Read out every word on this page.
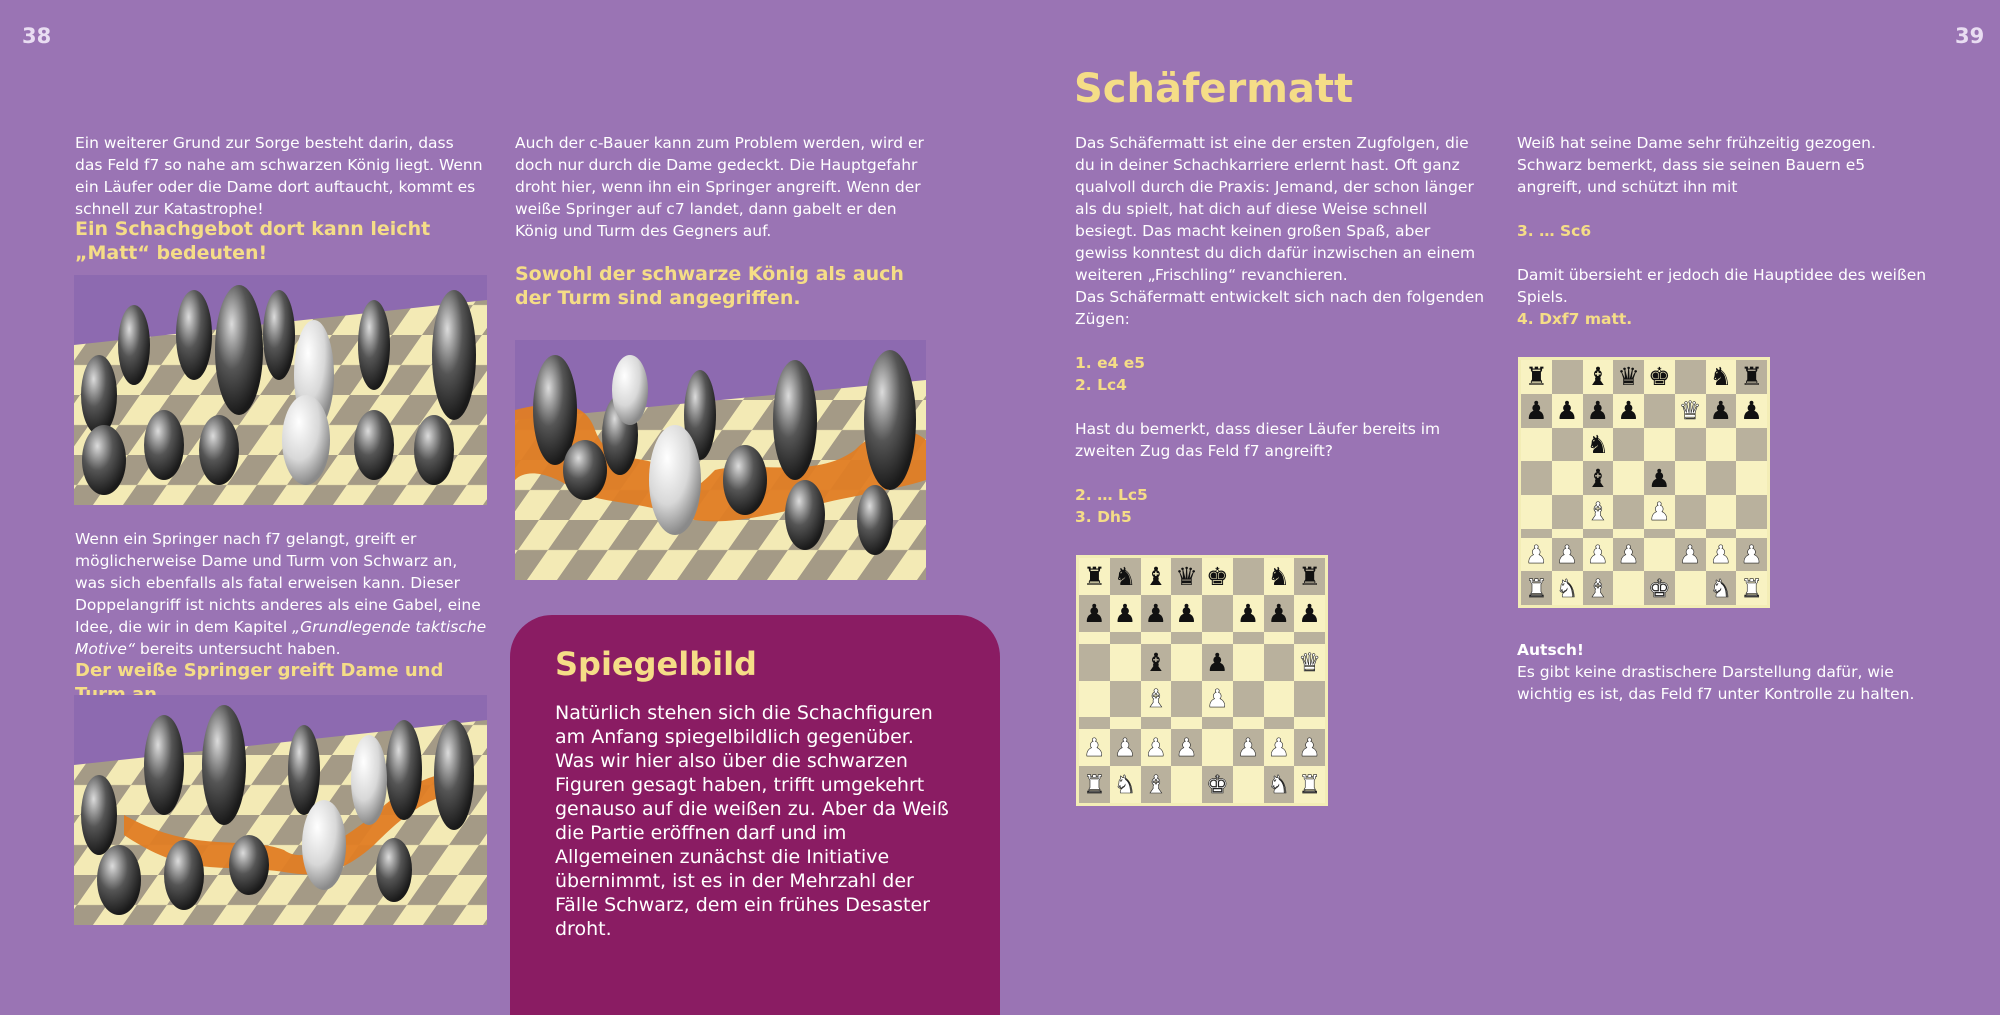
38	39
Ein weiterer Grund zur Sorge besteht darin, dass das Feld f7 so nahe am schwarzen König liegt. Wenn ein Läufer oder die Dame dort auftaucht, kommt es schnell zur Katastrophe!
Ein Schachgebot dort kann leicht „Matt“ bedeuten!
Wenn ein Springer nach f7 gelangt, greift er möglicherweise Dame und Turm von Schwarz an, was sich ebenfalls als fatal erweisen kann. Dieser Doppelangriff ist nichts anderes als eine Gabel, eine Idee, die wir in dem Kapitel „Grundlegende taktische Motive“ bereits untersucht haben.
Der weiße Springer greift Dame und
Auch der c-Bauer kann zum Problem werden, wird er doch nur durch die Dame gedeckt. Die Hauptgefahr droht hier, wenn ihn ein Springer angreift. Wenn der weiße Springer auf c7 landet, dann gabelt er den König und Turm des Gegners auf.
Sowohl der schwarze König als auch der Turm sind angegriffen.
Spiegelbild
Natürlich stehen sich die Schachfiguren am Anfang spiegelbildlich gegenüber. Was wir hier also über die schwarzen Figuren gesagt haben, trifft umgekehrt genauso auf die weißen zu. Aber da Weiß die Partie eröffnen darf und im Allgemeinen zunächst die Initiative übernimmt, ist es in der Mehrzahl der Fälle Schwarz, dem ein frühes Desaster droht.
Schäfermatt
Das Schäfermatt ist eine der ersten Zugfolgen, die du in deiner Schachkarriere erlernt hast. Oft ganz qualvoll durch die Praxis: Jemand, der schon länger als du spielt, hat dich auf diese Weise schnell besiegt. Das macht keinen großen Spaß, aber gewiss konntest du dich dafür inzwischen an einem weiteren „Frischling“ revanchieren.
Das Schäfermatt entwickelt sich nach den folgenden Zügen:
1. e4 e5
2. Lc4
Hast du bemerkt, dass dieser Läufer bereits im zweiten Zug das Feld f7 angreift?
2. … Lc5
3. Dh5
♜ ♞ ♝ ♛ ♚ ♞ ♜
♟ ♟ ♟ ♟ ♟ ♟ ♟
♝ ♟	♛
♝ ♟
♟ ♟ ♟ ♟ ♟ ♟ ♟
♜ ♞ ♝ ♚ ♞ ♜
Weiß hat seine Dame sehr frühzeitig gezogen. Schwarz bemerkt, dass sie seinen Bauern e5 angreift, und schützt ihn mit
3. … Sc6
Damit übersieht er jedoch die Hauptidee des weißen Spiels.
4. Dxf7 matt.
♜ ♝ ♛ ♚ ♞ ♜
♟ ♟ ♟ ♟ ♛ ♟ ♟
♞
♝ ♟
♝ ♟
♟ ♟ ♟ ♟ ♟ ♟ ♟
♜ ♞ ♝ ♚ ♞ ♜

Autsch!

Es gibt keine drastischere Darstellung dafür, wie wichtig es ist, das Feld f7 unter Kontrolle zu halten.
